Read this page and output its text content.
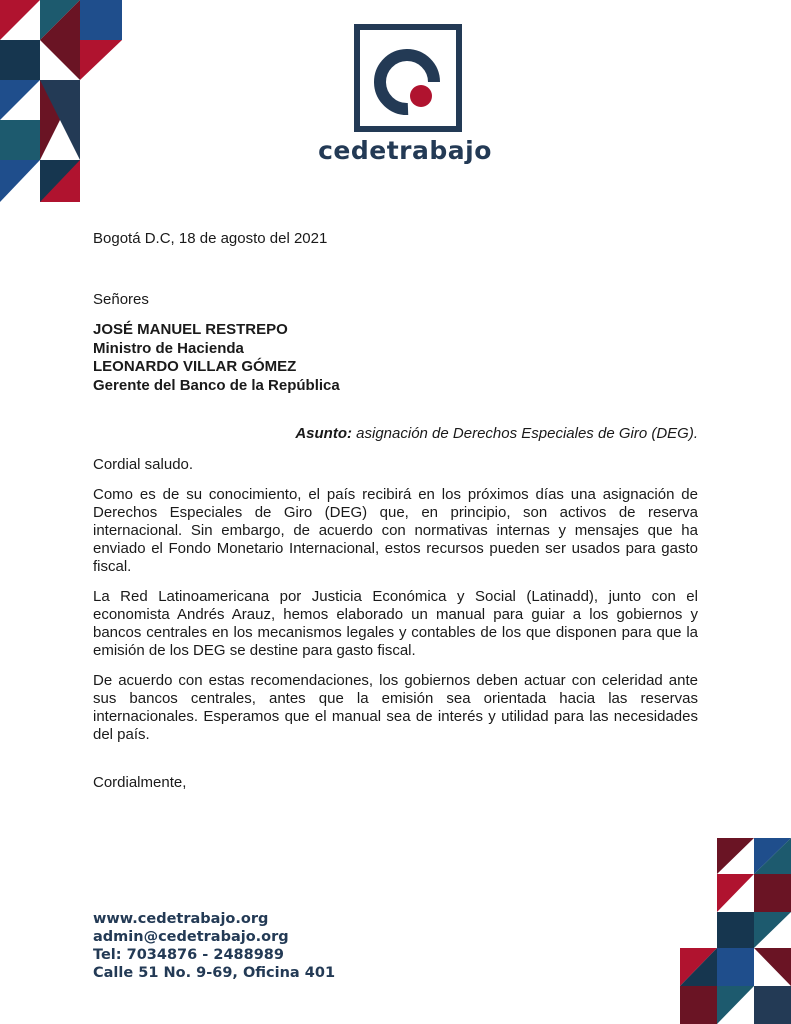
cedetrabajo
Bogotá D.C, 18 de agosto del 2021
Señores
JOSÉ MANUEL RESTREPO
Ministro de Hacienda
LEONARDO VILLAR GÓMEZ
Gerente del Banco de la República
Asunto: asignación de Derechos Especiales de Giro (DEG).
Cordial saludo.
Como es de su conocimiento, el país recibirá en los próximos días una asignación de Derechos Especiales de Giro (DEG) que, en principio, son activos de reserva internacional. Sin embargo, de acuerdo con normativas internas y mensajes que ha enviado el Fondo Monetario Internacional, estos recursos pueden ser usados para gasto fiscal.
La Red Latinoamericana por Justicia Económica y Social (Latinadd), junto con el economista Andrés Arauz, hemos elaborado un manual para guiar a los gobiernos y bancos centrales en los mecanismos legales y contables de los que disponen para que la emisión de los DEG se destine para gasto fiscal.
De acuerdo con estas recomendaciones, los gobiernos deben actuar con celeridad ante sus bancos centrales, antes que la emisión sea orientada hacia las reservas internacionales. Esperamos que el manual sea de interés y utilidad para las necesidades del país.
Cordialmente,
www.cedetrabajo.org
admin@cedetrabajo.org
Tel: 7034876 - 2488989
Calle 51 No. 9-69, Oficina 401
